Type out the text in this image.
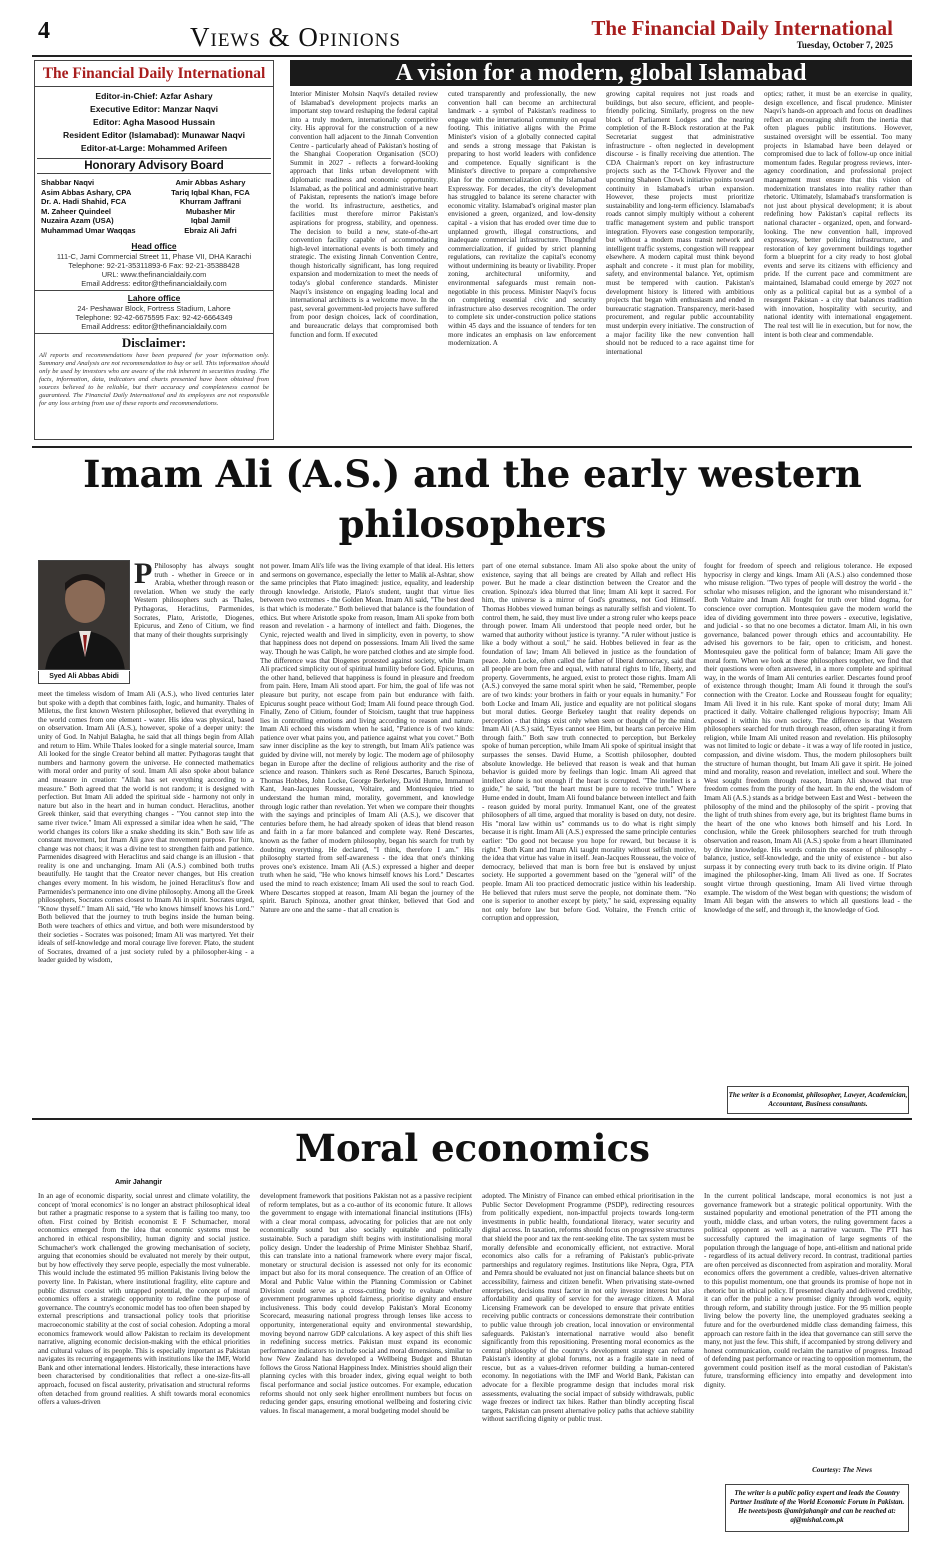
4	Views & Opinions	The Financial Daily International
Tuesday, October 7, 2025
The Financial Daily International
Editor-in-Chief: Azfar Ashary
Executive Editor: Manzar Naqvi
Editor: Agha Masood Hussain
Resident Editor (Islamabad): Munawar Naqvi
Editor-at-Large: Mohammed Arifeen
Honorary Advisory Board
Shabbar Naqvi
Asim Abbas Ashary, CPA
Dr. A. Hadi Shahid, FCA
M. Zaheer Quindeel
Nuzaira Azam (USA)
Muhammad Umar Waqqas
Amir Abbas Ashary
Tariq Iqbal Khan, FCA
Khurram Jaffrani
Mubasher Mir
Iqbal Jamil
Ebraiz Ali Jafri
Head office
111-C, Jami Commercial Street 11, Phase VII, DHA Karachi
Telephone: 92-21-35311893-6 Fax: 92-21-35388428
URL: www.thefinancialdaily.com
Email Address: editor@thefinancialdaily.com
Lahore office
24- Peshawar Block, Fortress Stadium, Lahore
Telephone: 92-42-6675595 Fax: 92-42-6664349
Email Address: editor@thefinancialdaily.com
Disclaimer:
All reports and recommendations have been prepared for your information only. Summary and Analysis are not recommendation to buy or sell. This information should only be used by investors who are aware of the risk inherent in securities trading. The facts, information, data, indicators and charts presented have been obtained from sources believed to be reliable, but their accuracy and completeness cannot be guaranteed. The Financial Daily International and its employees are not responsible for any loss arising from use of these reports and recommendations.
A vision for a modern, global Islamabad
Interior Minister Mohsin Naqvi's detailed review of Islamabad's development projects marks an important step toward reshaping the federal capital into a truly modern, internationally competitive city. His approval for the construction of a new convention hall adjacent to the Jinnah Convention Centre - particularly ahead of Pakistan's hosting of the Shanghai Cooperation Organisation (SCO) Summit in 2027 - reflects a forward-looking approach that links urban development with diplomatic readiness and economic opportunity. Islamabad, as the political and administrative heart of Pakistan, represents the nation's image before the world. Its infrastructure, aesthetics, and facilities must therefore mirror Pakistan's aspirations for progress, stability, and openness. The decision to build a new, state-of-the-art convention facility capable of accommodating high-level international events is both timely and strategic. The existing Jinnah Convention Centre, though historically significant, has long required expansion and modernization to meet the needs of today's global conference standards. Minister Naqvi's insistence on engaging leading local and international architects is a welcome move. In the past, several government-led projects have suffered from poor design choices, lack of coordination, and bureaucratic delays that compromised both function and form. If executed
cuted transparently and professionally, the new convention hall can become an architectural landmark - a symbol of Pakistan's readiness to engage with the international community on equal footing. This initiative aligns with the Prime Minister's vision of a globally connected capital and sends a strong message that Pakistan is preparing to host world leaders with confidence and competence. Equally significant is the Minister's directive to prepare a comprehensive plan for the commercialization of the Islamabad Expressway. For decades, the city's development has struggled to balance its serene character with economic vitality. Islamabad's original master plan envisioned a green, organized, and low-density capital - a vision that has eroded over time due to unplanned growth, illegal constructions, and inadequate commercial infrastructure. Thoughtful commercialization, if guided by strict planning regulations, can revitalize the capital's economy without undermining its beauty or livability. Proper zoning, architectural uniformity, and environmental safeguards must remain non-negotiable in this process. Minister Naqvi's focus on completing essential civic and security infrastructure also deserves recognition. The order to complete six under-construction police stations within 45 days and the issuance of tenders for ten more indicates an emphasis on law enforcement modernization. A
growing capital requires not just roads and buildings, but also secure, efficient, and people-friendly policing. Similarly, progress on the new block of Parliament Lodges and the nearing completion of the R-Block restoration at the Pak Secretariat suggest that administrative infrastructure - often neglected in development discourse - is finally receiving due attention. The CDA Chairman's report on key infrastructure projects such as the T-Chowk Flyover and the upcoming Shaheen Chowk initiative points toward continuity in Islamabad's urban expansion. However, these projects must prioritize sustainability and long-term efficiency. Islamabad's roads cannot simply multiply without a coherent traffic management system and public transport integration. Flyovers ease congestion temporarily, but without a modern mass transit network and intelligent traffic systems, congestion will reappear elsewhere. A modern capital must think beyond asphalt and concrete - it must plan for mobility, safety, and environmental balance. Yet, optimism must be tempered with caution. Pakistan's development history is littered with ambitious projects that began with enthusiasm and ended in bureaucratic stagnation. Transparency, merit-based procurement, and regular public accountability must underpin every initiative. The construction of a major facility like the new convention hall should not be reduced to a race against time for international
optics; rather, it must be an exercise in quality, design excellence, and fiscal prudence. Minister Naqvi's hands-on approach and focus on deadlines reflect an encouraging shift from the inertia that often plagues public institutions. However, sustained oversight will be essential. Too many projects in Islamabad have been delayed or compromised due to lack of follow-up once initial momentum fades. Regular progress reviews, inter-agency coordination, and professional project management must ensure that this vision of modernization translates into reality rather than rhetoric. Ultimately, Islamabad's transformation is not just about physical development; it is about redefining how Pakistan's capital reflects its national character - organized, open, and forward-looking. The new convention hall, improved expressway, better policing infrastructure, and restoration of key government buildings together form a blueprint for a city ready to host global events and serve its citizens with efficiency and pride. If the current pace and commitment are maintained, Islamabad could emerge by 2027 not only as a political capital but as a symbol of a resurgent Pakistan - a city that balances tradition with innovation, hospitality with security, and national identity with international engagement. The real test will lie in execution, but for now, the intent is both clear and commendable.
Imam Ali (A.S.) and the early western
philosophers
Syed Ali Abbas Abidi
P Philosophy has always sought truth - whether in Greece or in Arabia, whether through reason or revelation. When we study the early Western philosophers such as Thales, Pythagoras, Heraclitus, Parmenides, Socrates, Plato, Aristotle, Diogenes, Epicurus, and Zeno of Citium, we find that many of their thoughts surprisingly
meet the timeless wisdom of Imam Ali (A.S.), who lived centuries later but spoke with a depth that combines faith, logic, and humanity. Thales of Miletus, the first known Western philosopher, believed that everything in the world comes from one element - water. His idea was physical, based on observation. Imam Ali (A.S.), however, spoke of a deeper unity: the unity of God. In Nahjul Balagha, he said that all things begin from Allah and return to Him. While Thales looked for a single material source, Imam Ali looked for the single Creator behind all matter. Pythagoras taught that numbers and harmony govern the universe. He connected mathematics with moral order and purity of soul. Imam Ali also spoke about balance and measure in creation: "Allah has set everything according to a measure." Both agreed that the world is not random; it is designed with perfection. But Imam Ali added the spiritual side - harmony not only in nature but also in the heart and in human conduct. Heraclitus, another Greek thinker, said that everything changes - "You cannot step into the same river twice." Imam Ali expressed a similar idea when he said, "The world changes its colors like a snake shedding its skin." Both saw life as constant movement, but Imam Ali gave that movement purpose. For him, change was not chaos; it was a divine test to strengthen faith and patience. Parmenides disagreed with Heraclitus and said change is an illusion - that reality is one and unchanging. Imam Ali (A.S.) combined both truths beautifully. He taught that the Creator never changes, but His creation changes every moment. In his wisdom, he joined Heraclitus's flow and Parmenides's permanence into one divine philosophy. Among all the Greek philosophers, Socrates comes closest to Imam Ali in spirit. Socrates urged, "Know thyself." Imam Ali said, "He who knows himself knows his Lord." Both believed that the journey to truth begins inside the human being. Both were teachers of ethics and virtue, and both were misunderstood by their societies - Socrates was poisoned; Imam Ali was martyred. Yet their ideals of self-knowledge and moral courage live forever. Plato, the student of Socrates, dreamed of a just society ruled by a philosopher-king - a leader guided by wisdom,
not power. Imam Ali's life was the living example of that ideal. His letters and sermons on governance, especially the letter to Malik al-Ashtar, show the same principles that Plato imagined: justice, equality, and leadership through knowledge. Aristotle, Plato's student, taught that virtue lies between two extremes - the Golden Mean. Imam Ali said, "The best deed is that which is moderate." Both believed that balance is the foundation of ethics. But where Aristotle spoke from reason, Imam Ali spoke from both reason and revelation - a harmony of intellect and faith. Diogenes, the Cynic, rejected wealth and lived in simplicity, even in poverty, to show that happiness does not depend on possessions. Imam Ali lived the same way. Though he was Caliph, he wore patched clothes and ate simple food. The difference was that Diogenes protested against society, while Imam Ali practiced simplicity out of spiritual humility before God. Epicurus, on the other hand, believed that happiness is found in pleasure and freedom from pain. Here, Imam Ali stood apart. For him, the goal of life was not pleasure but purity, not escape from pain but endurance with faith. Epicurus sought peace without God; Imam Ali found peace through God. Finally, Zeno of Citium, founder of Stoicism, taught that true happiness lies in controlling emotions and living according to reason and nature. Imam Ali echoed this wisdom when he said, "Patience is of two kinds: patience over what pains you, and patience against what you covet." Both saw inner discipline as the key to strength, but Imam Ali's patience was guided by divine will, not merely by logic. The modern age of philosophy began in Europe after the decline of religious authority and the rise of science and reason. Thinkers such as René Descartes, Baruch Spinoza, Thomas Hobbes, John Locke, George Berkeley, David Hume, Immanuel Kant, Jean-Jacques Rousseau, Voltaire, and Montesquieu tried to understand the human mind, morality, government, and knowledge through logic rather than revelation. Yet when we compare their thoughts with the sayings and principles of Imam Ali (A.S.), we discover that centuries before them, he had already spoken of ideas that blend reason and faith in a far more balanced and complete way. René Descartes, known as the father of modern philosophy, began his search for truth by doubting everything. He declared, "I think, therefore I am." His philosophy started from self-awareness - the idea that one's thinking proves one's existence. Imam Ali (A.S.) expressed a higher and deeper truth when he said, "He who knows himself knows his Lord." Descartes used the mind to reach existence; Imam Ali used the soul to reach God. Where Descartes stopped at reason, Imam Ali began the journey of the spirit. Baruch Spinoza, another great thinker, believed that God and Nature are one and the same - that all creation is
part of one eternal substance. Imam Ali also spoke about the unity of existence, saying that all beings are created by Allah and reflect His power. But he made a clear distinction between the Creator and the creation. Spinoza's idea blurred that line; Imam Ali kept it sacred. For him, the universe is a mirror of God's greatness, not God Himself. Thomas Hobbes viewed human beings as naturally selfish and violent. To control them, he said, they must live under a strong ruler who keeps peace through power. Imam Ali understood that people need order, but he warned that authority without justice is tyranny. "A ruler without justice is like a body without a soul," he said. Hobbes believed in fear as the foundation of law; Imam Ali believed in justice as the foundation of peace. John Locke, often called the father of liberal democracy, said that all people are born free and equal, with natural rights to life, liberty, and property. Governments, he argued, exist to protect those rights. Imam Ali (A.S.) conveyed the same moral spirit when he said, "Remember, people are of two kinds: your brothers in faith or your equals in humanity." For both Locke and Imam Ali, justice and equality are not political slogans but moral duties. George Berkeley taught that reality depends on perception - that things exist only when seen or thought of by the mind. Imam Ali (A.S.) said, "Eyes cannot see Him, but hearts can perceive Him through faith." Both saw truth connected to perception, but Berkeley spoke of human perception, while Imam Ali spoke of spiritual insight that surpasses the senses. David Hume, a Scottish philosopher, doubted absolute knowledge. He believed that reason is weak and that human behavior is guided more by feelings than logic. Imam Ali agreed that intellect alone is not enough if the heart is corrupted. "The intellect is a guide," he said, "but the heart must be pure to receive truth." Where Hume ended in doubt, Imam Ali found balance between intellect and faith - reason guided by moral purity. Immanuel Kant, one of the greatest philosophers of all time, argued that morality is based on duty, not desire. His "moral law within us" commands us to do what is right simply because it is right. Imam Ali (A.S.) expressed the same principle centuries earlier: "Do good not because you hope for reward, but because it is right." Both Kant and Imam Ali taught morality without selfish motive, the idea that virtue has value in itself. Jean-Jacques Rousseau, the voice of democracy, believed that man is born free but is enslaved by unjust society. He supported a government based on the "general will" of the people. Imam Ali too practiced democratic justice within his leadership. He believed that rulers must serve the people, not dominate them. "No one is superior to another except by piety," he said, expressing equality not only before law but before God. Voltaire, the French critic of corruption and oppression,
fought for freedom of speech and religious tolerance. He exposed hypocrisy in clergy and kings. Imam Ali (A.S.) also condemned those who misuse religion. "Two types of people will destroy the world - the scholar who misuses religion, and the ignorant who misunderstand it." Both Voltaire and Imam Ali fought for truth over blind dogma, for conscience over corruption. Montesquieu gave the modern world the idea of dividing government into three powers - executive, legislative, and judicial - so that no one becomes a dictator. Imam Ali, in his own governance, balanced power through ethics and accountability. He advised his governors to be fair, open to criticism, and honest. Montesquieu gave the political form of balance; Imam Ali gave the moral form. When we look at these philosophers together, we find that their questions were often answered, in a more complete and spiritual way, in the words of Imam Ali centuries earlier. Descartes found proof of existence through thought; Imam Ali found it through the soul's connection with the Creator. Locke and Rousseau fought for equality; Imam Ali lived it in his rule. Kant spoke of moral duty; Imam Ali practiced it daily. Voltaire challenged religious hypocrisy; Imam Ali exposed it within his own society. The difference is that Western philosophers searched for truth through reason, often separating it from religion, while Imam Ali united reason and revelation. His philosophy was not limited to logic or debate - it was a way of life rooted in justice, compassion, and divine wisdom. Thus, the modern philosophers built the structure of human thought, but Imam Ali gave it spirit. He joined mind and morality, reason and revelation, intellect and soul. Where the West sought freedom through reason, Imam Ali showed that true freedom comes from the purity of the heart. In the end, the wisdom of Imam Ali (A.S.) stands as a bridge between East and West - between the philosophy of the mind and the philosophy of the spirit - proving that the light of truth shines from every age, but its brightest flame burns in the heart of the one who knows both himself and his Lord. In conclusion, while the Greek philosophers searched for truth through observation and reason, Imam Ali (A.S.) spoke from a heart illuminated by divine knowledge. His words contain the essence of philosophy - balance, justice, self-knowledge, and the unity of existence - but also surpass it by connecting every truth back to its divine origin. If Plato imagined the philosopher-king, Imam Ali lived as one. If Socrates sought virtue through questioning, Imam Ali lived virtue through example. The wisdom of the West began with questions; the wisdom of Imam Ali began with the answers to which all questions lead - the knowledge of the self, and through it, the knowledge of God.
The writer is a Economist, philosopher, Lawyer, Academician, Accountant, Business consultants.
Moral economics
Amir Jahangir
In an age of economic disparity, social unrest and climate volatility, the concept of 'moral economics' is no longer an abstract philosophical ideal but rather a pragmatic response to a system that is failing too many, too often. First coined by British economist E F Schumacher, moral economics emerged from the idea that economic systems must be anchored in ethical responsibility, human dignity and social justice. Schumacher's work challenged the growing mechanisation of society, arguing that economies should be evaluated not merely by their output, but by how effectively they serve people, especially the most vulnerable. This would include the estimated 95 million Pakistanis living below the poverty line. In Pakistan, where institutional fragility, elite capture and public distrust coexist with untapped potential, the concept of moral economics offers a strategic opportunity to redefine the purpose of governance. The country's economic model has too often been shaped by external prescriptions and transactional policy tools that prioritise macroeconomic stability at the cost of social cohesion. Adopting a moral economics framework would allow Pakistan to reclaim its development narrative, aligning economic decision-making with the ethical priorities and cultural values of its people. This is especially important as Pakistan navigates its recurring engagements with institutions like the IMF, World Bank and other international lenders. Historically, these interactions have been characterised by conditionalities that reflect a one-size-fits-all approach, focused on fiscal austerity, privatisation and structural reforms often detached from ground realities. A shift towards moral economics offers a values-driven
development framework that positions Pakistan not as a passive recipient of reform templates, but as a co-author of its economic future. It allows the government to engage with international financial institutions (IFIs) with a clear moral compass, advocating for policies that are not only economically sound but also socially equitable and politically sustainable. Such a paradigm shift begins with institutionalising moral policy design. Under the leadership of Prime Minister Shehbaz Sharif, this can translate into a national framework where every major fiscal, monetary or structural decision is assessed not only for its economic impact but also for its moral consequence. The creation of an Office of Moral and Public Value within the Planning Commission or Cabinet Division could serve as a cross-cutting body to evaluate whether government programmes uphold fairness, prioritise dignity and ensure inclusiveness. This body could develop Pakistan's Moral Economy Scorecard, measuring national progress through lenses like access to opportunity, intergenerational equity and environmental stewardship, moving beyond narrow GDP calculations. A key aspect of this shift lies in redefining success metrics. Pakistan must expand its economic performance indicators to include social and moral dimensions, similar to how New Zealand has developed a Wellbeing Budget and Bhutan follows the Gross National Happiness Index. Ministries should align their planning cycles with this broader index, giving equal weight to both fiscal performance and social justice outcomes. For example, education reforms should not only seek higher enrollment numbers but focus on reducing gender gaps, ensuring emotional wellbeing and fostering civic values. In fiscal management, a moral budgeting model should be
adopted. The Ministry of Finance can embed ethical prioritisation in the Public Sector Development Programme (PSDP), redirecting resources from politically expedient, non-impactful projects towards long-term investments in public health, foundational literacy, water security and digital access. In taxation, reforms should focus on progressive structures that shield the poor and tax the rent-seeking elite. The tax system must be morally defensible and economically efficient, not extractive. Moral economics also calls for a reframing of Pakistan's public-private partnerships and regulatory regimes. Institutions like Nepra, Ogra, PTA and Pemra should be evaluated not just on financial balance sheets but on accessibility, fairness and citizen benefit. When privatising state-owned enterprises, decisions must factor in not only investor interest but also affordability and quality of service for the average citizen. A Moral Licensing Framework can be developed to ensure that private entities receiving public contracts or concessions demonstrate their contribution to public value through job creation, local innovation or environmental safeguards. Pakistan's international narrative would also benefit significantly from this repositioning. Presenting moral economics as the central philosophy of the country's development strategy can reframe Pakistan's identity at global forums, not as a fragile state in need of rescue, but as a values-driven reformer building a human-centered economy. In negotiations with the IMF and World Bank, Pakistan can advocate for a flexible programme design that includes moral risk assessments, evaluating the social impact of subsidy withdrawals, public wage freezes or indirect tax hikes. Rather than blindly accepting fiscal targets, Pakistan can present alternative policy paths that achieve stability without sacrificing dignity or public trust.
In the current political landscape, moral economics is not just a governance framework but a strategic political opportunity. With the sustained popularity and emotional penetration of the PTI among the youth, middle class, and urban voters, the ruling government faces a political opponent as well as a narrative vacuum. The PTI has successfully captured the imagination of large segments of the population through the language of hope, anti-elitism and national pride - regardless of its actual delivery record. In contrast, traditional parties are often perceived as disconnected from aspiration and morality. Moral economics offers the government a credible, values-driven alternative to this populist momentum, one that grounds its promise of hope not in rhetoric but in ethical policy. If presented clearly and delivered credibly, it can offer the public a new promise: dignity through work, equity through reform, and stability through justice. For the 95 million people living below the poverty line, the unemployed graduates seeking a future and for the overburdened middle class demanding fairness, this approach can restore faith in the idea that governance can still serve the many, not just the few. This shift, if accompanied by strong delivery and honest communication, could reclaim the narrative of progress. Instead of defending past performance or reacting to opposition momentum, the government could position itself as the moral custodian of Pakistan's future, transforming efficiency into empathy and development into dignity.
Courtesy: The News
The writer is a public policy expert and leads the Country Partner Institute of the World Economic Forum in Pakistan. He tweets/posts @amirjahangir and can be reached at: aj@mishal.com.pk
